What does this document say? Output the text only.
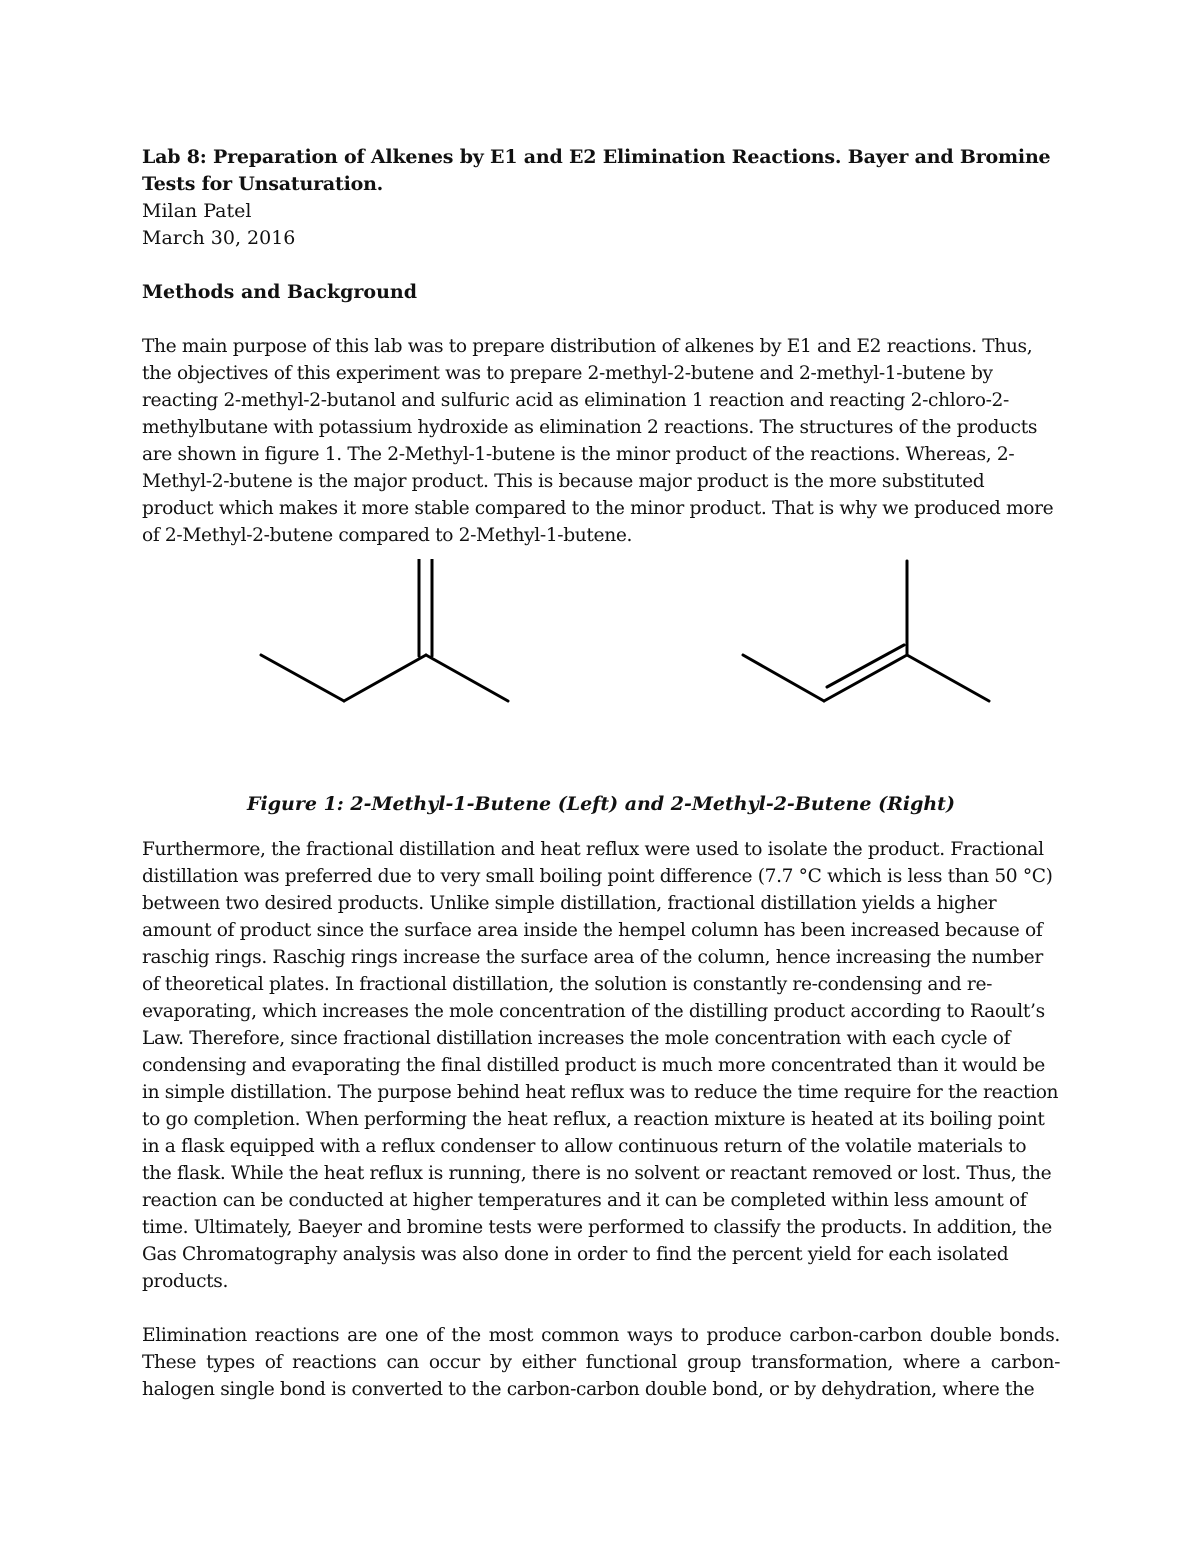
Lab 8: Preparation of Alkenes by E1 and E2 Elimination Reactions. Bayer and Bromine Tests for Unsaturation.

Milan Patel

March 30, 2016

Methods and Background

The main purpose of this lab was to prepare distribution of alkenes by E1 and E2 reactions. Thus, the objectives of this experiment was to prepare 2-methyl-2-butene and 2-methyl-1-butene by reacting 2-methyl-2-butanol and sulfuric acid as elimination 1 reaction and reacting 2-chloro-2-methylbutane with potassium hydroxide as elimination 2 reactions. The structures of the products are shown in figure 1. The 2-Methyl-1-butene is the minor product of the reactions. Whereas, 2-Methyl-2-butene is the major product. This is because major product is the more substituted product which makes it more stable compared to the minor product. That is why we produced more of 2-Methyl-2-butene compared to 2-Methyl-1-butene.

Figure 1: 2-Methyl-1-Butene (Left) and 2-Methyl-2-Butene (Right)

Furthermore, the fractional distillation and heat reflux were used to isolate the product. Fractional distillation was preferred due to very small boiling point difference (7.7 °C which is less than 50 °C) between two desired products. Unlike simple distillation, fractional distillation yields a higher amount of product since the surface area inside the hempel column has been increased because of raschig rings. Raschig rings increase the surface area of the column, hence increasing the number of theoretical plates. In fractional distillation, the solution is constantly re-condensing and re-evaporating, which increases the mole concentration of the distilling product according to Raoult’s Law. Therefore, since fractional distillation increases the mole concentration with each cycle of condensing and evaporating the final distilled product is much more concentrated than it would be in simple distillation. The purpose behind heat reflux was to reduce the time require for the reaction to go completion. When performing the heat reflux, a reaction mixture is heated at its boiling point in a flask equipped with a reflux condenser to allow continuous return of the volatile materials to the flask. While the heat reflux is running, there is no solvent or reactant removed or lost. Thus, the reaction can be conducted at higher temperatures and it can be completed within less amount of time. Ultimately, Baeyer and bromine tests were performed to classify the products. In addition, the Gas Chromatography analysis was also done in order to find the percent yield for each isolated products.

Elimination reactions are one of the most common ways to produce carbon-carbon double bonds. These types of reactions can occur by either functional group transformation, where a carbon-halogen single bond is converted to the carbon-carbon double bond, or by dehydration, where the
